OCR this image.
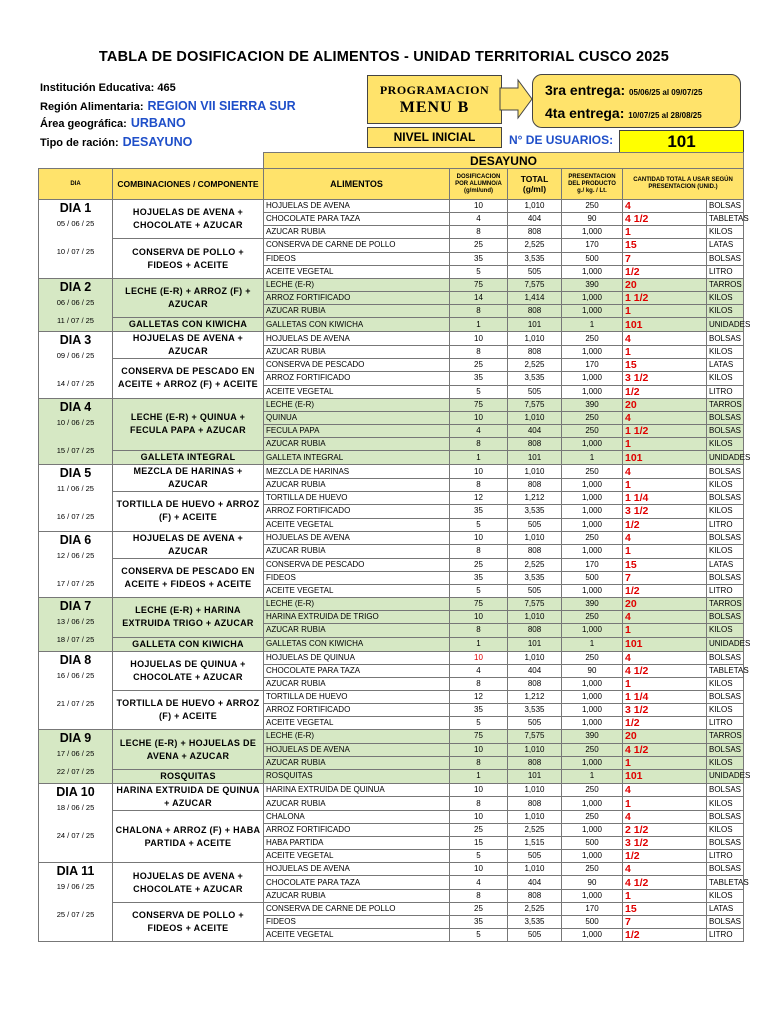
TABLA DE DOSIFICACION DE ALIMENTOS - UNIDAD TERRITORIAL CUSCO 2025
Institución Educativa: 465
Región Alimentaria: REGION VII SIERRA SUR
Área geográfica: URBANO
Tipo de ración: DESAYUNO
PROGRAMACION
MENU B
3ra entrega: 05/06/25 al 09/07/25
4ta entrega: 10/07/25 al 28/08/25
NIVEL INICIAL	N° DE USUARIOS:	101
		DESAYUNO					
DIA	COMBINACIONES / COMPONENTE	ALIMENTOS	DOSIFICACION POR ALUMNO/A (g/ml/und)	TOTAL (g/ml)	PRESENTACION DEL PRODUCTO g./ kg. / Lt.	CANTIDAD TOTAL A USAR SEGÚN PRESENTACION (UNID.)	

DIA 1
05 / 06 / 25
10 / 07 / 25	HOJUELAS DE AVENA + CHOCOLATE + AZUCAR	HOJUELAS DE AVENA	10	1,010	250	4	BOLSAS
		CHOCOLATE PARA TAZA	4	404	90	4 1/2	TABLETAS
		AZUCAR RUBIA	8	808	1,000	1	KILOS
	CONSERVA DE POLLO + FIDEOS + ACEITE	CONSERVA DE CARNE DE POLLO	25	2,525	170	15	LATAS
		FIDEOS	35	3,535	500	7	BOLSAS
		ACEITE VEGETAL	5	505	1,000	1/2	LITRO

DIA 2
06 / 06 / 25
11 / 07 / 25	LECHE (E-R) + ARROZ (F) + AZUCAR	LECHE (E-R)	75	7,575	390	20	TARROS
		ARROZ FORTIFICADO	14	1,414	1,000	1 1/2	KILOS
		AZUCAR RUBIA	8	808	1,000	1	KILOS
	GALLETAS CON KIWICHA	GALLETAS CON KIWICHA	1	101	1	101	UNIDADES

DIA 3
09 / 06 / 25
14 / 07 / 25	HOJUELAS DE AVENA + AZUCAR	HOJUELAS DE AVENA	10	1,010	250	4	BOLSAS
		AZUCAR RUBIA	8	808	1,000	1	KILOS
	CONSERVA DE PESCADO EN ACEITE + ARROZ (F) + ACEITE	CONSERVA DE PESCADO	25	2,525	170	15	LATAS
		ARROZ FORTIFICADO	35	3,535	1,000	3 1/2	KILOS
		ACEITE VEGETAL	5	505	1,000	1/2	LITRO

DIA 4
10 / 06 / 25
15 / 07 / 25	LECHE (E-R) + QUINUA + FECULA PAPA + AZUCAR	LECHE (E-R)	75	7,575	390	20	TARROS
		QUINUA	10	1,010	250	4	BOLSAS
		FECULA PAPA	4	404	250	1 1/2	BOLSAS
		AZUCAR RUBIA	8	808	1,000	1	KILOS
	GALLETA INTEGRAL	GALLETA INTEGRAL	1	101	1	101	UNIDADES

DIA 5
11 / 06 / 25
16 / 07 / 25	MEZCLA DE HARINAS + AZUCAR	MEZCLA DE HARINAS	10	1,010	250	4	BOLSAS
		AZUCAR RUBIA	8	808	1,000	1	KILOS
	TORTILLA DE HUEVO + ARROZ (F) + ACEITE	TORTILLA DE HUEVO	12	1,212	1,000	1 1/4	BOLSAS
		ARROZ FORTIFICADO	35	3,535	1,000	3 1/2	KILOS
		ACEITE VEGETAL	5	505	1,000	1/2	LITRO

DIA 6
12 / 06 / 25
17 / 07 / 25	HOJUELAS DE AVENA + AZUCAR	HOJUELAS DE AVENA	10	1,010	250	4	BOLSAS
		AZUCAR RUBIA	8	808	1,000	1	KILOS
	CONSERVA DE PESCADO EN ACEITE + FIDEOS + ACEITE	CONSERVA DE PESCADO	25	2,525	170	15	LATAS
		FIDEOS	35	3,535	500	7	BOLSAS
		ACEITE VEGETAL	5	505	1,000	1/2	LITRO

DIA 7
13 / 06 / 25
18 / 07 / 25	LECHE (E-R) + HARINA EXTRUIDA TRIGO + AZUCAR	LECHE (E-R)	75	7,575	390	20	TARROS
		HARINA EXTRUIDA DE TRIGO	10	1,010	250	4	BOLSAS
		AZUCAR RUBIA	8	808	1,000	1	KILOS
	GALLETA CON KIWICHA	GALLETAS CON KIWICHA	1	101	1	101	UNIDADES

DIA 8
16 / 06 / 25
21 / 07 / 25	HOJUELAS DE QUINUA + CHOCOLATE + AZUCAR	HOJUELAS DE QUINUA	10	1,010	250	4	BOLSAS
		CHOCOLATE PARA TAZA	4	404	90	4 1/2	TABLETAS
		AZUCAR RUBIA	8	808	1,000	1	KILOS
	TORTILLA DE HUEVO + ARROZ (F) + ACEITE	TORTILLA DE HUEVO	12	1,212	1,000	1 1/4	BOLSAS
		ARROZ FORTIFICADO	35	3,535	1,000	3 1/2	KILOS
		ACEITE VEGETAL	5	505	1,000	1/2	LITRO

DIA 9
17 / 06 / 25
22 / 07 / 25	LECHE (E-R) + HOJUELAS DE AVENA + AZUCAR	LECHE (E-R)	75	7,575	390	20	TARROS
		HOJUELAS DE AVENA	10	1,010	250	4 1/2	BOLSAS
		AZUCAR RUBIA	8	808	1,000	1	KILOS
	ROSQUITAS	ROSQUITAS	1	101	1	101	UNIDADES

DIA 10
18 / 06 / 25
24 / 07 / 25	HARINA EXTRUIDA DE QUINUA + AZUCAR	HARINA EXTRUIDA DE QUINUA	10	1,010	250	4	BOLSAS
		AZUCAR RUBIA	8	808	1,000	1	KILOS
	CHALONA + ARROZ (F) + HABA PARTIDA + ACEITE	CHALONA	10	1,010	250	4	BOLSAS
		ARROZ FORTIFICADO	25	2,525	1,000	2 1/2	KILOS
		HABA PARTIDA	15	1,515	500	3 1/2	BOLSAS
		ACEITE VEGETAL	5	505	1,000	1/2	LITRO

DIA 11
19 / 06 / 25
25 / 07 / 25	HOJUELAS DE AVENA + CHOCOLATE + AZUCAR	HOJUELAS DE AVENA	10	1,010	250	4	BOLSAS
		CHOCOLATE PARA TAZA	4	404	90	4 1/2	TABLETAS
		AZUCAR RUBIA	8	808	1,000	1	KILOS
	CONSERVA DE POLLO + FIDEOS + ACEITE	CONSERVA DE CARNE DE POLLO	25	2,525	170	15	LATAS
		FIDEOS	35	3,535	500	7	BOLSAS
		ACEITE VEGETAL	5	505	1,000	1/2	LITRO
